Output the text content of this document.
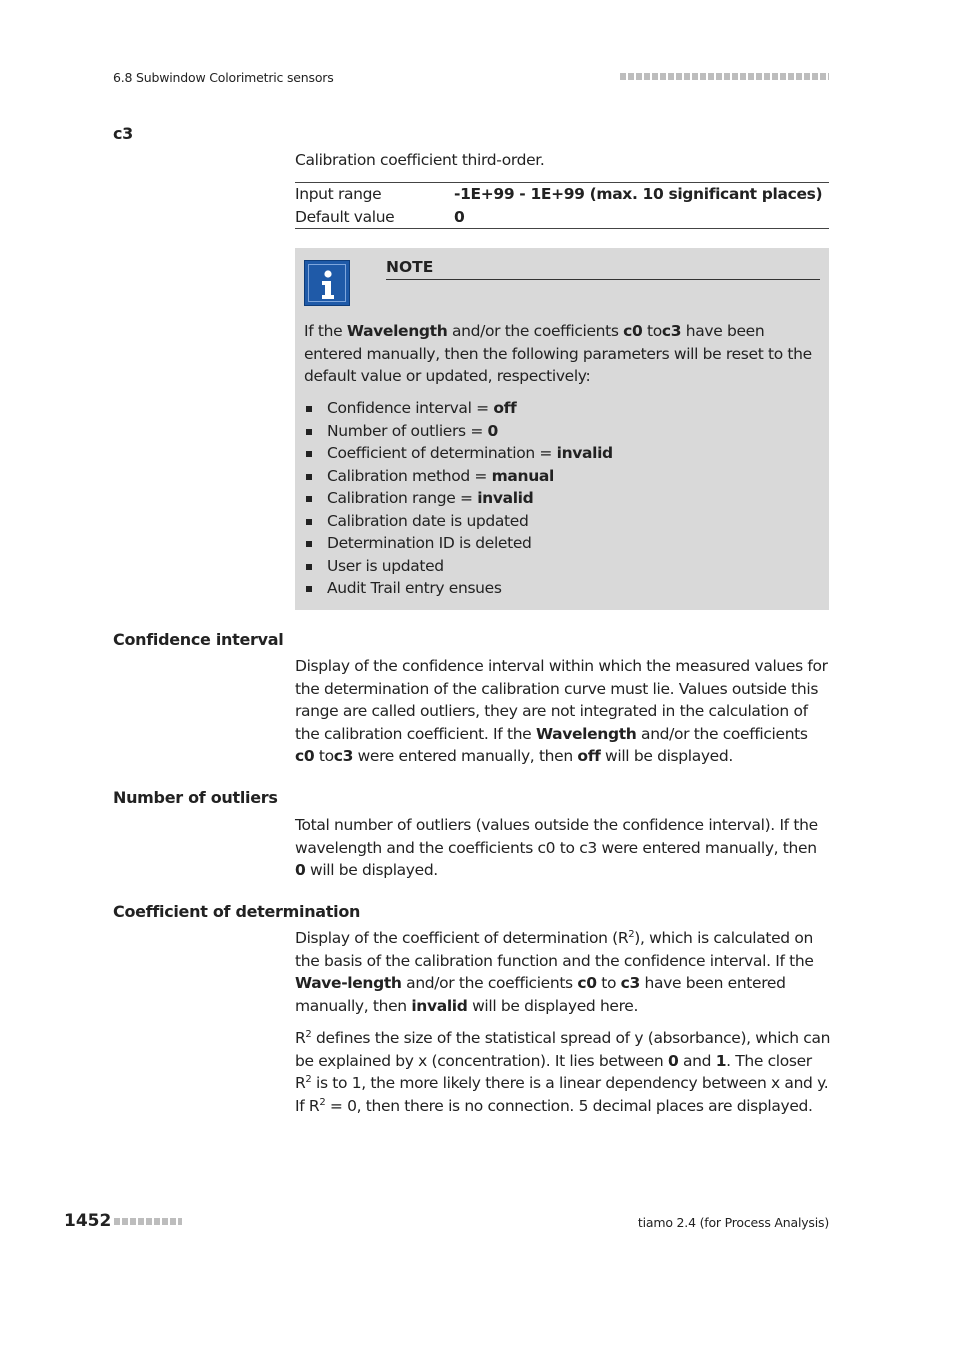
6.8 Subwindow Colorimetric sensors
c3
Calibration coefficient third-order.
Input range	-1E+99 - 1E+99 (max. 10 significant places)
Default value	0
NOTE

If the Wavelength and/or the coefficients c0 toc3 have been entered manually, then the following parameters will be reset to the default value or updated, respectively:

Confidence interval = off
Number of outliers = 0
Coefficient of determination = invalid
Calibration method = manual
Calibration range = invalid
Calibration date is updated
Determination ID is deleted
User is updated
Audit Trail entry ensues
Confidence interval

Display of the confidence interval within which the measured values for the determination of the calibration curve must lie. Values outside this range are called outliers, they are not integrated in the calculation of the calibration coefficient. If the Wavelength and/or the coefficients c0 toc3 were entered manually, then off will be displayed.

Number of outliers

Total number of outliers (values outside the confidence interval). If the wavelength and the coefficients c0 to c3 were entered manually, then 0 will be displayed.

Coefficient of determination

Display of the coefficient of determination $(R^2)$, which is calculated on the basis of the calibration function and the confidence interval. If the Wave-length and/or the coefficients c0 to c3 have been entered manually, then invalid will be displayed here.

$R^2$ defines the size of the statistical spread of y (absorbance), which can be explained by x (concentration). It lies between 0 and 1. The closer $R^2$ is to 1, the more likely there is a linear dependency between x and y. If $R^2 = 0$, then there is no connection. 5 decimal places are displayed.

1452	tiamo 2.4 (for Process Analysis)
